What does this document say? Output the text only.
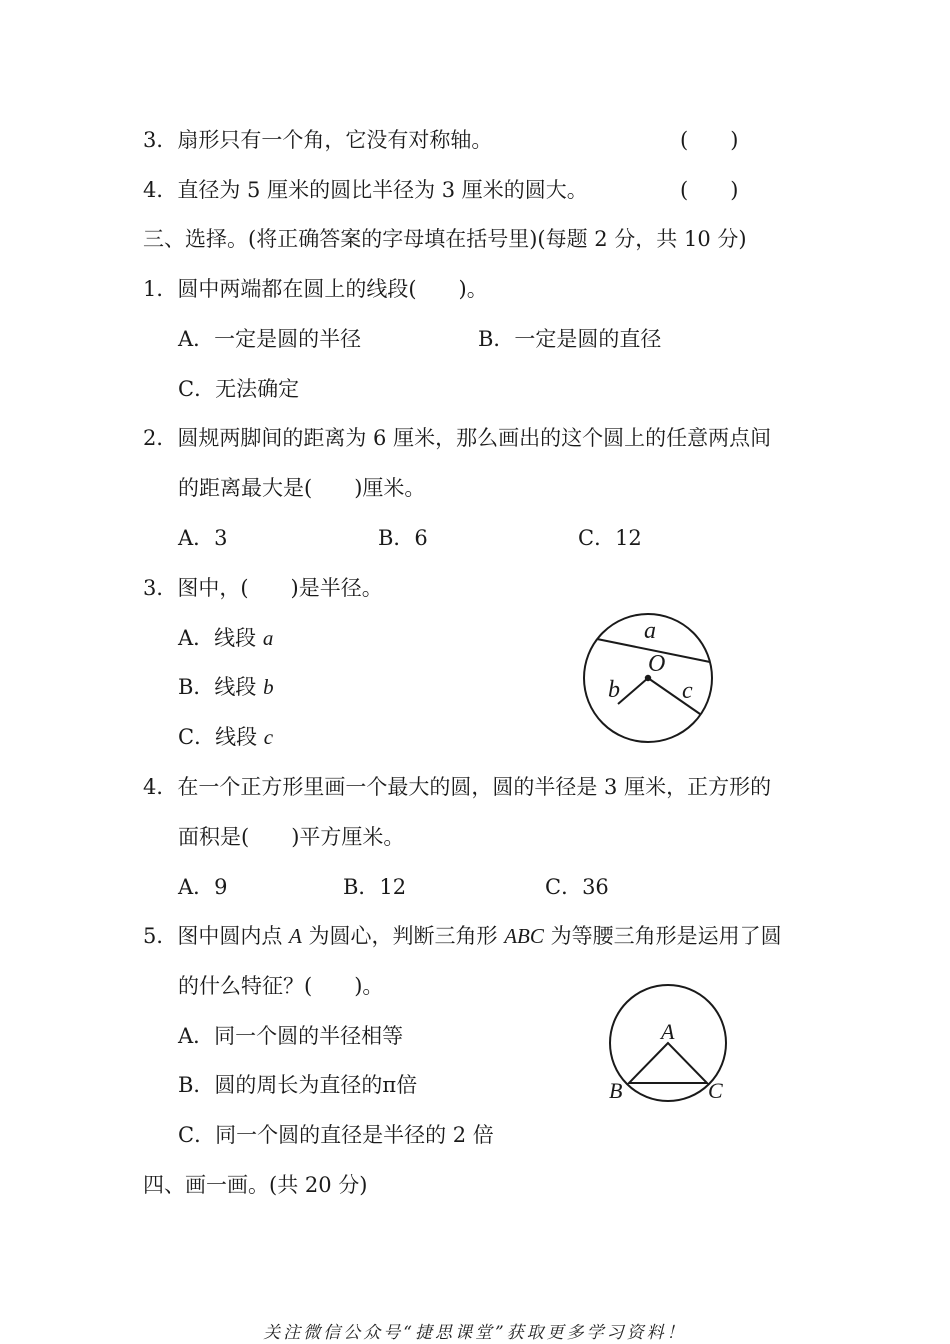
3．扇形只有一个角，它没有对称轴。	(　　)
4．直径为 5 厘米的圆比半径为 3 厘米的圆大。	(　　)
三、选择。(将正确答案的字母填在括号里)(每题 2 分，共 10 分)
1．圆中两端都在圆上的线段(　　)。
A．一定是圆的半径	B．一定是圆的直径
C．无法确定
2．圆规两脚间的距离为 6 厘米，那么画出的这个圆上的任意两点间
的距离最大是(　　)厘米。
A．3	B．6	C．12
3．图中，(　　)是半径。
A．线段 a
B．线段 b
C．线段 c
a
O
b	c
4．在一个正方形里画一个最大的圆，圆的半径是 3 厘米，正方形的
面积是(　　)平方厘米。
A．9	B．12	C．36
5．图中圆内点 A 为圆心，判断三角形 ABC 为等腰三角形是运用了圆
的什么特征？(　　)。
A．同一个圆的半径相等
B．圆的周长为直径的π倍
C．同一个圆的直径是半径的 2 倍
A
B	C
四、画一画。(共 20 分)
关注微信公众号“捷思课堂”获取更多学习资料！
